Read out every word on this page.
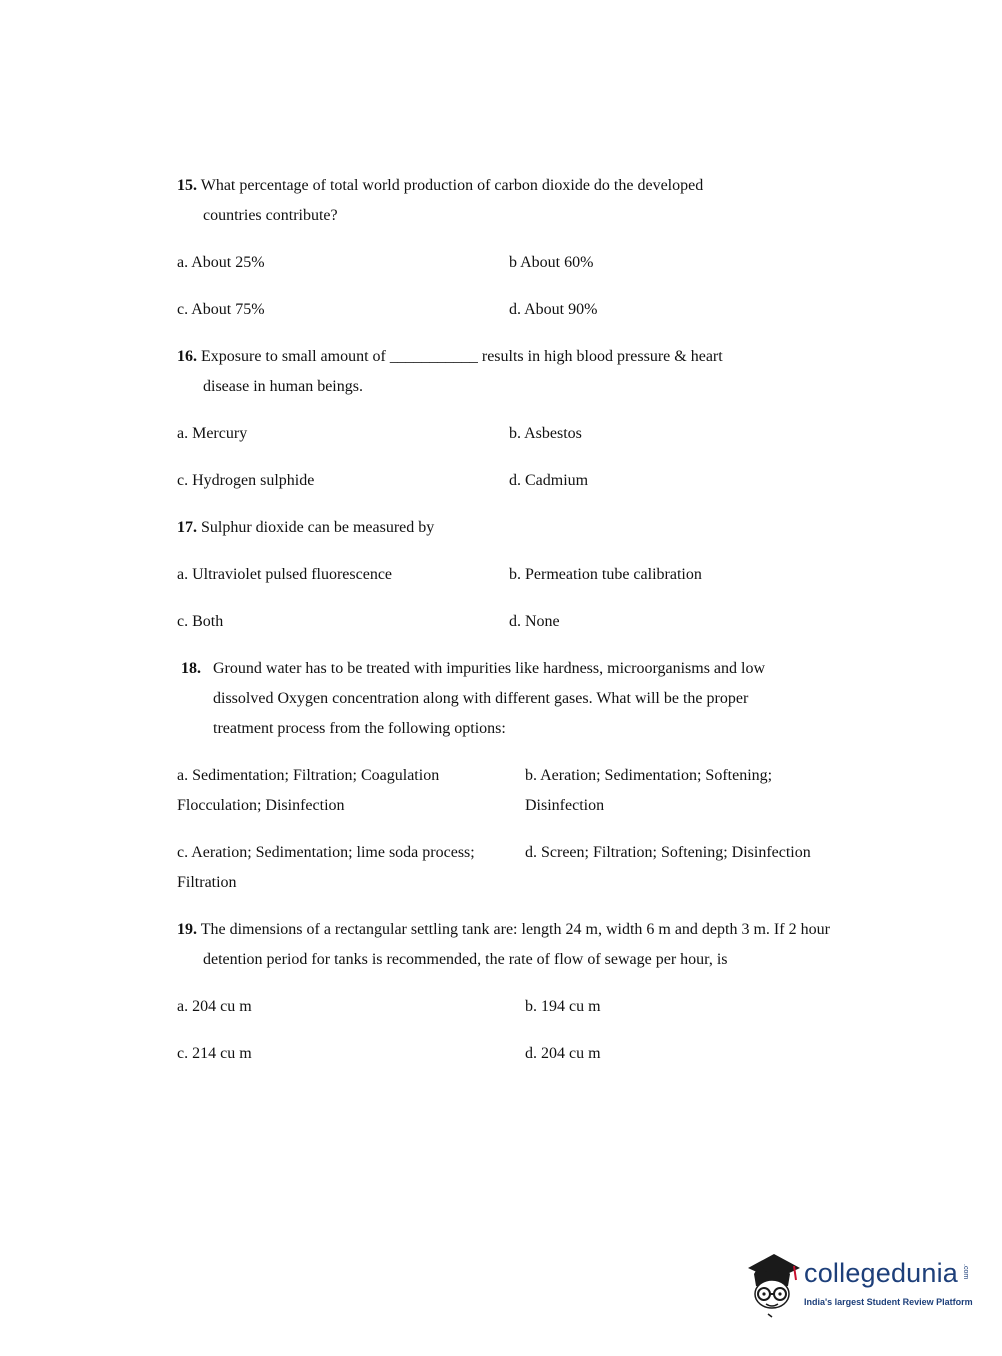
15. What percentage of total world production of carbon dioxide do the developed
countries contribute?
a. About 25%	b About 60%
c. About 75%	d. About 90%
16. Exposure to small amount of ___________ results in high blood pressure & heart
disease in human beings.
a. Mercury	b. Asbestos
c. Hydrogen sulphide	d. Cadmium
17. Sulphur dioxide can be measured by
a. Ultraviolet pulsed fluorescence	b. Permeation tube calibration
c. Both	d. None
18. Ground water has to be treated with impurities like hardness, microorganisms and low
dissolved Oxygen concentration along with different gases. What will be the proper
treatment process from the following options:
a. Sedimentation; Filtration; Coagulation
Flocculation; Disinfection
b. Aeration; Sedimentation; Softening;
Disinfection
c. Aeration; Sedimentation; lime soda process;
Filtration
d. Screen; Filtration; Softening; Disinfection
19. The dimensions of a rectangular settling tank are: length 24 m, width 6 m and depth 3 m. If 2 hour
detention period for tanks is recommended, the rate of flow of sewage per hour, is
a. 204 cu m	b. 194 cu m
c. 214 cu m	d. 204 cu m
collegedunia .com
India's largest Student Review Platform
